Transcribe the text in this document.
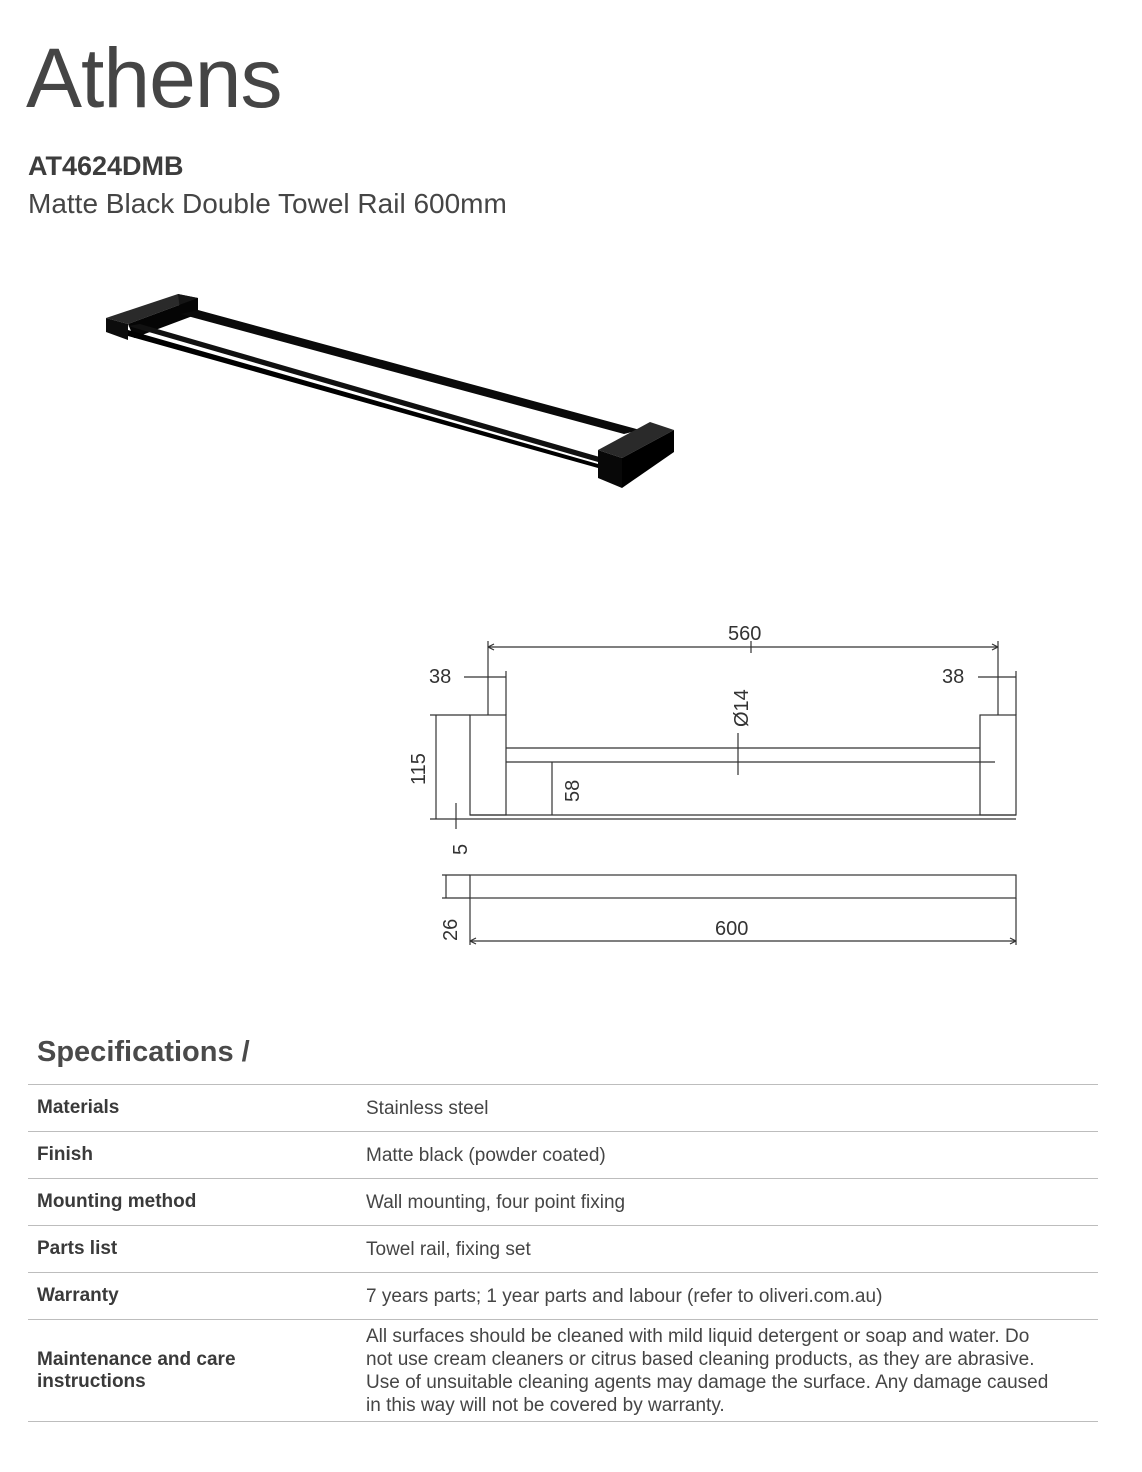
Athens
AT4624DMB
Matte Black Double Towel Rail 600mm
560
38	38
Ø14
115
58
5
26	600
Specifications /
Materials	Stainless steel
Finish	Matte black (powder coated)
Mounting method	Wall mounting, four point fixing
Parts list	Towel rail, fixing set
Warranty	7 years parts; 1 year parts and labour (refer to oliveri.com.au)
Maintenance and care instructions	All surfaces should be cleaned with mild liquid detergent or soap and water. Do not use cream cleaners or citrus based cleaning products, as they are abrasive. Use of unsuitable cleaning agents may damage the surface. Any damage caused in this way will not be covered by warranty.
